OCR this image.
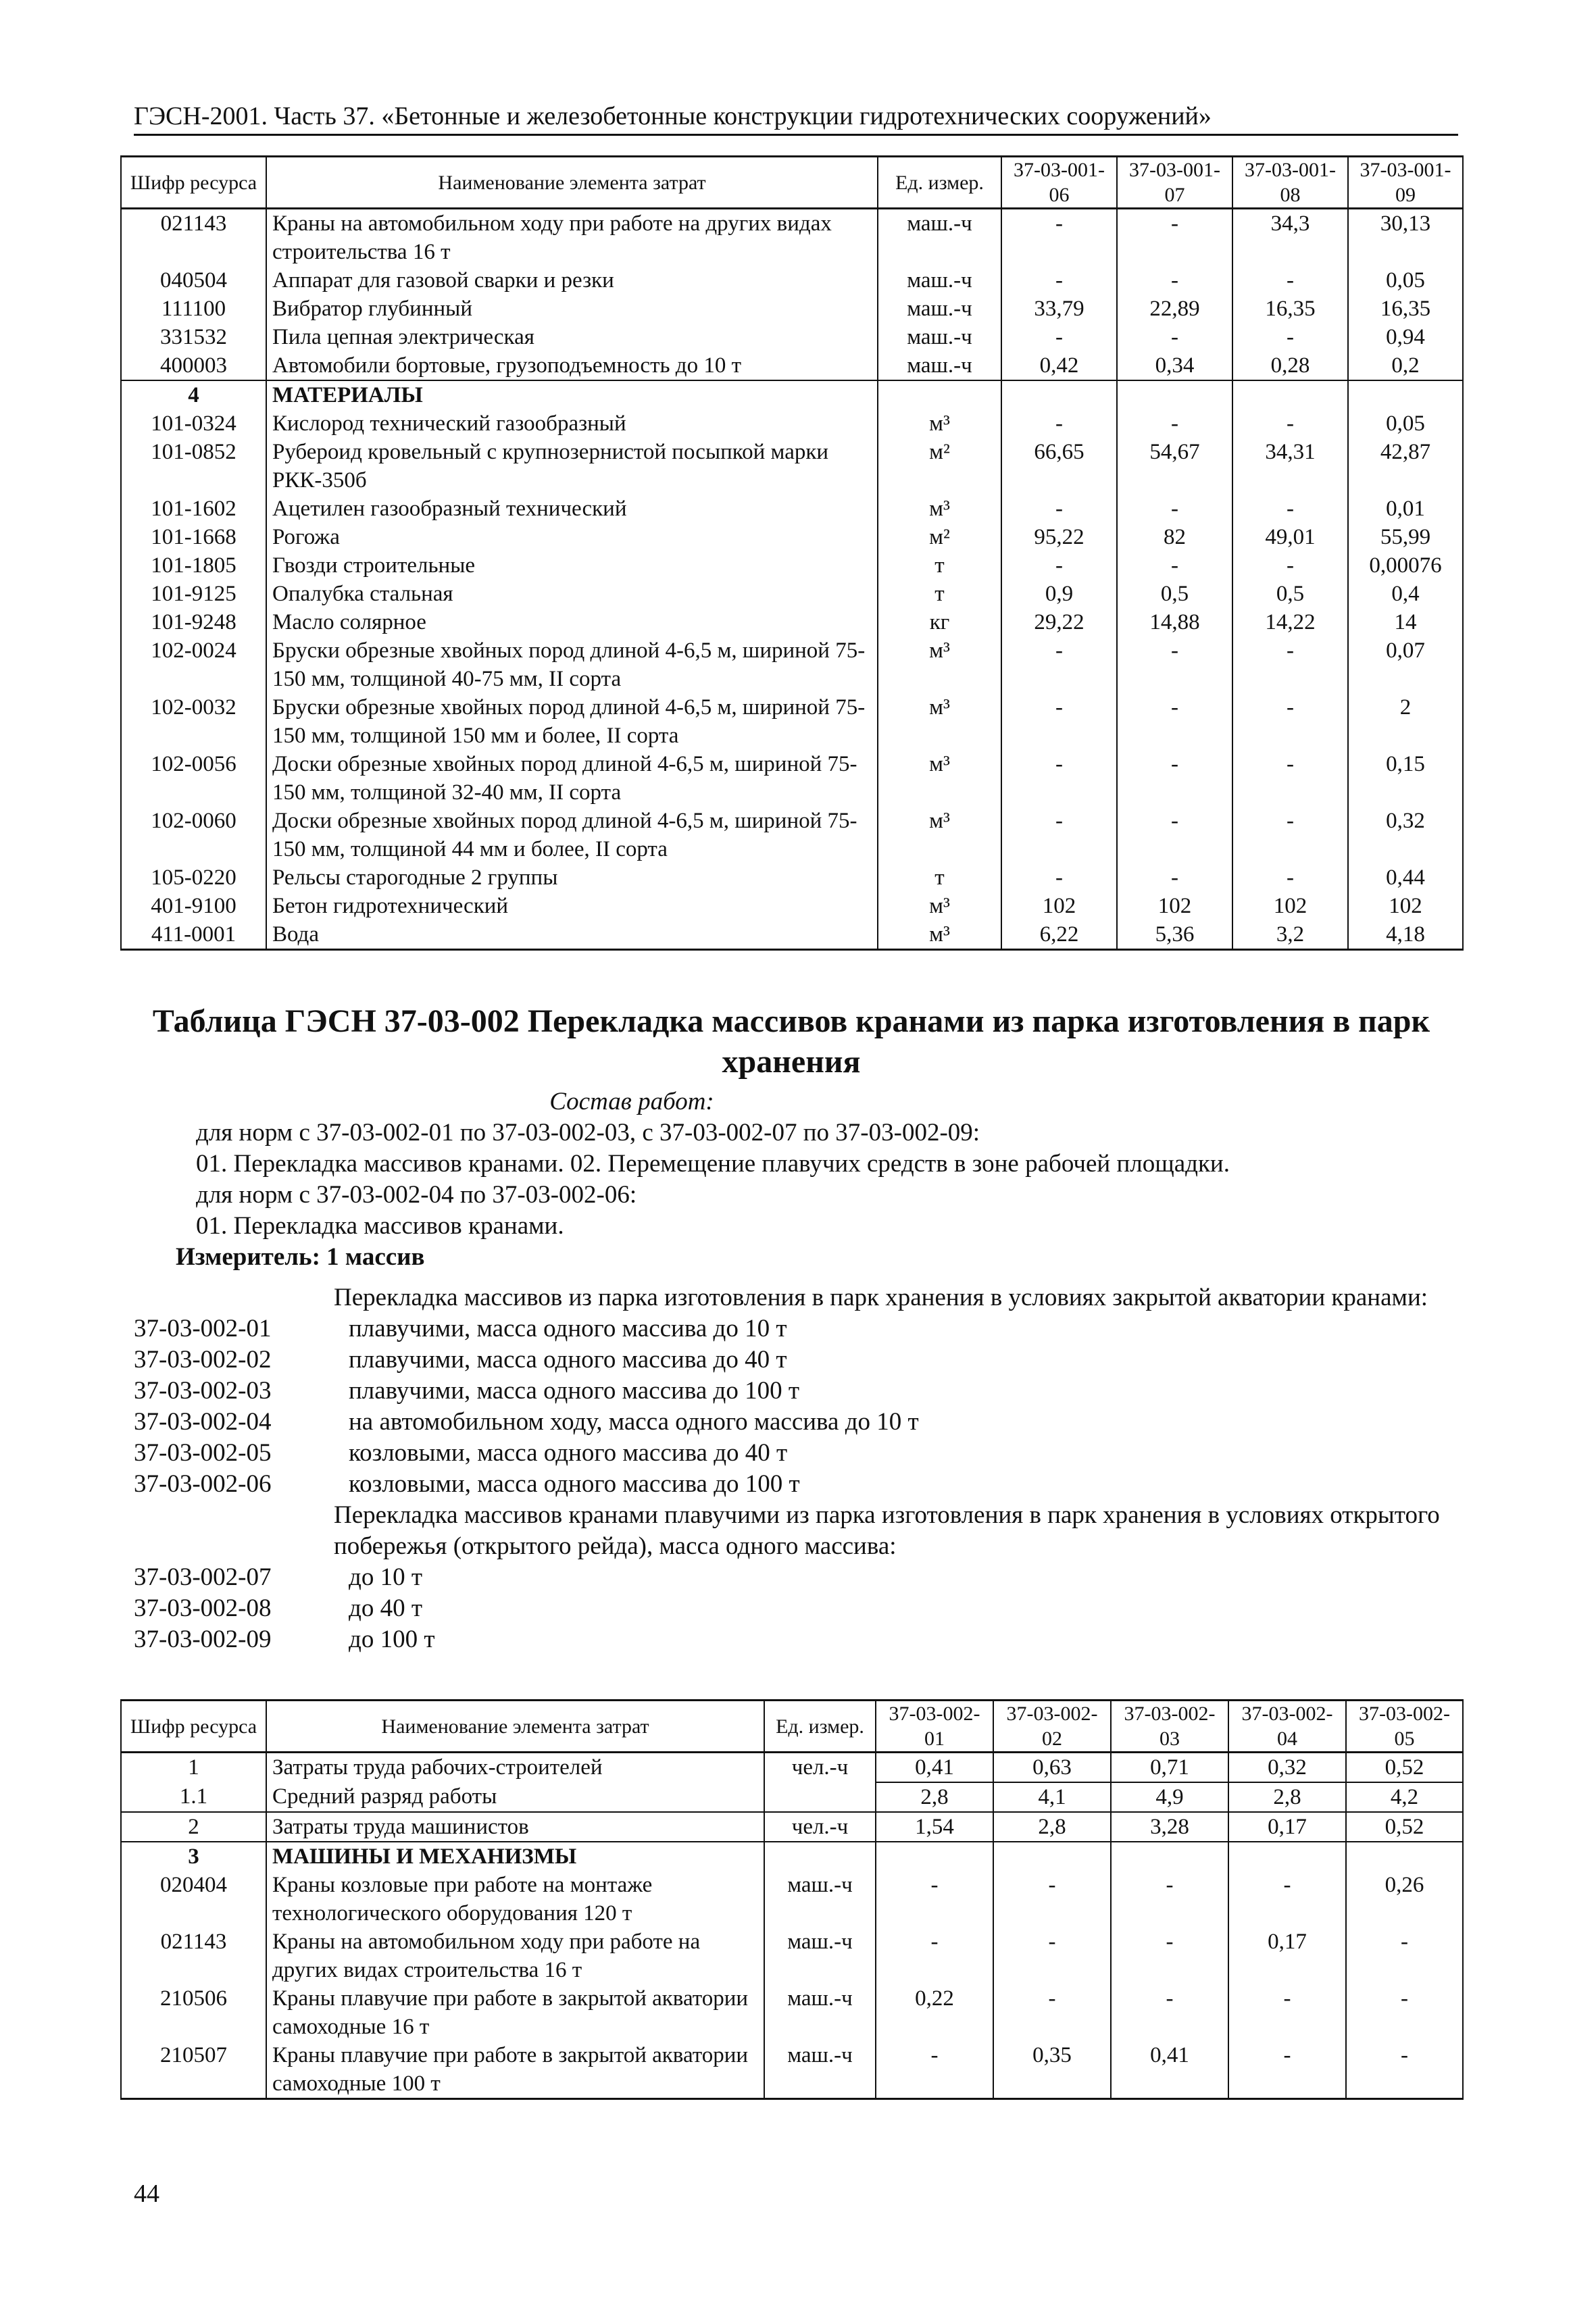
ГЭСН-2001. Часть 37. «Бетонные и железобетонные конструкции гидротехнических сооружений»
Шифр ресурса	Наименование элемента затрат	Ед. измер.	37-03-001-06	37-03-001-07	37-03-001-08	37-03-001-09
021143	Краны на автомобильном ходу при работе на других видах строительства 16 т	маш.-ч	-	-	34,3	30,13
040504	Аппарат для газовой сварки и резки	маш.-ч	-	-	-	0,05
111100	Вибратор глубинный	маш.-ч	33,79	22,89	16,35	16,35
331532	Пила цепная электрическая	маш.-ч	-	-	-	0,94
400003	Автомобили бортовые, грузоподъемность до 10 т	маш.-ч	0,42	0,34	0,28	0,2
4	МАТЕРИАЛЫ					
101-0324	Кислород технический газообразный	м³	-	-	-	0,05
101-0852	Рубероид кровельный с крупнозернистой посыпкой марки РКК-350б	м²	66,65	54,67	34,31	42,87
101-1602	Ацетилен газообразный технический	м³	-	-	-	0,01
101-1668	Рогожа	м²	95,22	82	49,01	55,99
101-1805	Гвозди строительные	т	-	-	-	0,00076
101-9125	Опалубка стальная	т	0,9	0,5	0,5	0,4
101-9248	Масло солярное	кг	29,22	14,88	14,22	14
102-0024	Бруски обрезные хвойных пород длиной 4-6,5 м, шириной 75-150 мм, толщиной 40-75 мм, II сорта	м³	-	-	-	0,07
102-0032	Бруски обрезные хвойных пород длиной 4-6,5 м, шириной 75-150 мм, толщиной 150 мм и более, II сорта	м³	-	-	-	2
102-0056	Доски обрезные хвойных пород длиной 4-6,5 м, шириной 75-150 мм, толщиной 32-40 мм, II сорта	м³	-	-	-	0,15
102-0060	Доски обрезные хвойных пород длиной 4-6,5 м, шириной 75-150 мм, толщиной 44 мм и более, II сорта	м³	-	-	-	0,32
105-0220	Рельсы старогодные 2 группы	т	-	-	-	0,44
401-9100	Бетон гидротехнический	м³	102	102	102	102
411-0001	Вода	м³	6,22	5,36	3,2	4,18
Таблица ГЭСН 37-03-002 Перекладка массивов кранами из парка изготовления в парк хранения
Состав работ:
для норм с 37-03-002-01 по 37-03-002-03, с 37-03-002-07 по 37-03-002-09:
01. Перекладка массивов кранами. 02. Перемещение плавучих средств в зоне рабочей площадки.
для норм с 37-03-002-04 по 37-03-002-06:
01. Перекладка массивов кранами.
Измеритель: 1 массив
Перекладка массивов из парка изготовления в парк хранения в условиях закрытой акватории кранами:
37-03-002-01	плавучими, масса одного массива до 10 т
37-03-002-02	плавучими, масса одного массива до 40 т
37-03-002-03	плавучими, масса одного массива до 100 т
37-03-002-04	на автомобильном ходу, масса одного массива до 10 т
37-03-002-05	козловыми, масса одного массива до 40 т
37-03-002-06	козловыми, масса одного массива до 100 т
Перекладка массивов кранами плавучими из парка изготовления в парк хранения в условиях открытого побережья (открытого рейда), масса одного массива:
37-03-002-07	до 10 т
37-03-002-08	до 40 т
37-03-002-09	до 100 т
Шифр ресурса	Наименование элемента затрат	Ед. измер.	37-03-002-01	37-03-002-02	37-03-002-03	37-03-002-04	37-03-002-05
1	Затраты труда рабочих-строителей	чел.-ч	0,41	0,63	0,71	0,32	0,52
1.1	Средний разряд работы		2,8	4,1	4,9	2,8	4,2
2	Затраты труда машинистов	чел.-ч	1,54	2,8	3,28	0,17	0,52
3	МАШИНЫ И МЕХАНИЗМЫ						
020404	Краны козловые при работе на монтаже технологического оборудования 120 т	маш.-ч	-	-	-	-	0,26
021143	Краны на автомобильном ходу при работе на других видах строительства 16 т	маш.-ч	-	-	-	0,17	-
210506	Краны плавучие при работе в закрытой акватории самоходные 16 т	маш.-ч	0,22	-	-	-	-
210507	Краны плавучие при работе в закрытой акватории самоходные 100 т	маш.-ч	-	0,35	0,41	-	-
44
